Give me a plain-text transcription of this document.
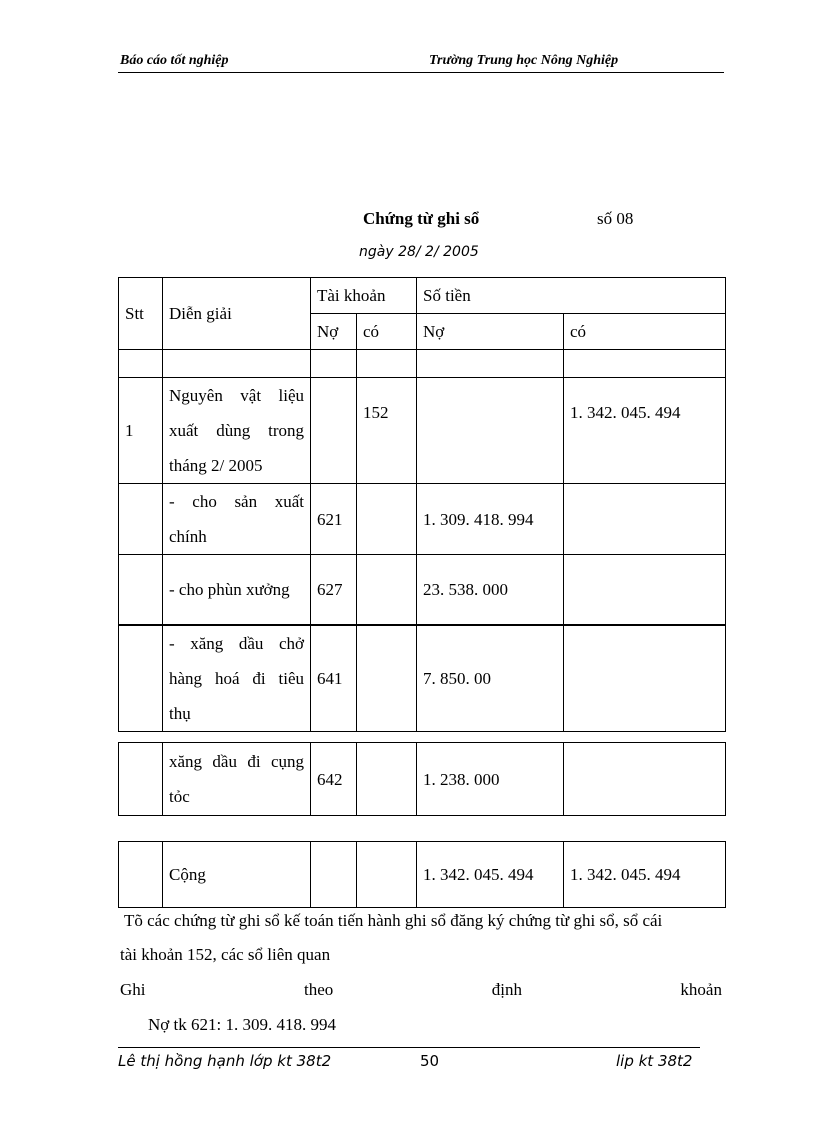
Báo cáo tốt nghiệp	Trường Trung học Nông Nghiệp
Chứng từ ghi sổ	số 08
ngày 28/ 2/ 2005
Stt	Diễn giải	Tài khoản		Số tiền	
		Nợ	có	Nợ	có

1	Nguyên vật liệu xuất dùng trong tháng 2/ 2005		152		1. 342. 045. 494
	- cho sản xuất chính	621		1. 309. 418. 994	
	- cho phùn xưởng	627		23. 538. 000	
	- xăng dầu chở hàng hoá đi tiêu thụ	641		7. 850. 00	
	xăng dầu đi cụng tỏc	642		1. 238. 000	
	Cộng			1. 342. 045. 494	1. 342. 045. 494
Tõ các chứng từ ghi sổ kế toán tiến hành ghi sổ đăng ký chứng từ ghi sổ, sổ cái
tài khoản 152, các sổ liên quan
Ghi	theo	định	khoản
Nợ tk 621: 1. 309. 418. 994
Lê thị hồng hạnh lớp kt 38t2	50	lip kt 38t2
